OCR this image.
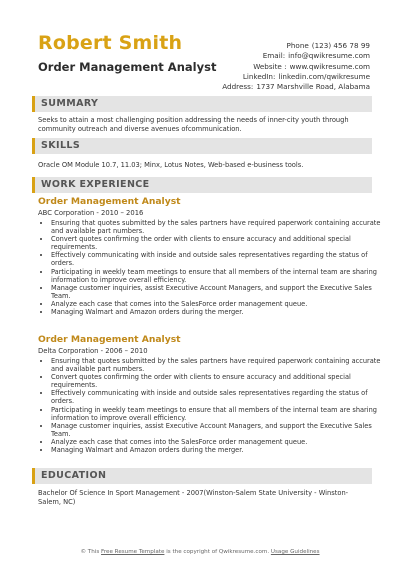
Robert Smith
Order Management Analyst
Phone (123) 456 78 99
Email: info@qwikresume.com
Website : www.qwikresume.com
LinkedIn: linkedin.com/qwikresume
Address: 1737 Marshville Road, Alabama
SUMMARY
Seeks to attain a most challenging position addressing the needs of inner-city youth through community outreach and diverse avenues ofcommunication.
SKILLS
Oracle OM Module 10.7, 11.03; Minx, Lotus Notes, Web-based e-business tools.
WORK EXPERIENCE
Order Management Analyst
ABC Corporation - 2010 – 2016
• Ensuring that quotes submitted by the sales partners have required paperwork containing accurate and available part numbers.
• Convert quotes confirming the order with clients to ensure accuracy and additional special requirements.
• Effectively communicating with inside and outside sales representatives regarding the status of orders.
• Participating in weekly team meetings to ensure that all members of the internal team are sharing information to improve overall efficiency.
• Manage customer inquiries, assist Executive Account Managers, and support the Executive Sales Team.
• Analyze each case that comes into the SalesForce order management queue.
• Managing Walmart and Amazon orders during the merger.
Order Management Analyst
Delta Corporation - 2006 – 2010
• Ensuring that quotes submitted by the sales partners have required paperwork containing accurate and available part numbers.
• Convert quotes confirming the order with clients to ensure accuracy and additional special requirements.
• Effectively communicating with inside and outside sales representatives regarding the status of orders.
• Participating in weekly team meetings to ensure that all members of the internal team are sharing information to improve overall efficiency.
• Manage customer inquiries, assist Executive Account Managers, and support the Executive Sales Team.
• Analyze each case that comes into the SalesForce order management queue.
• Managing Walmart and Amazon orders during the merger.
EDUCATION
Bachelor Of Science In Sport Management - 2007(Winston-Salem State University - Winston-Salem, NC)
© This Free Resume Template is the copyright of Qwikresume.com. Usage Guidelines
